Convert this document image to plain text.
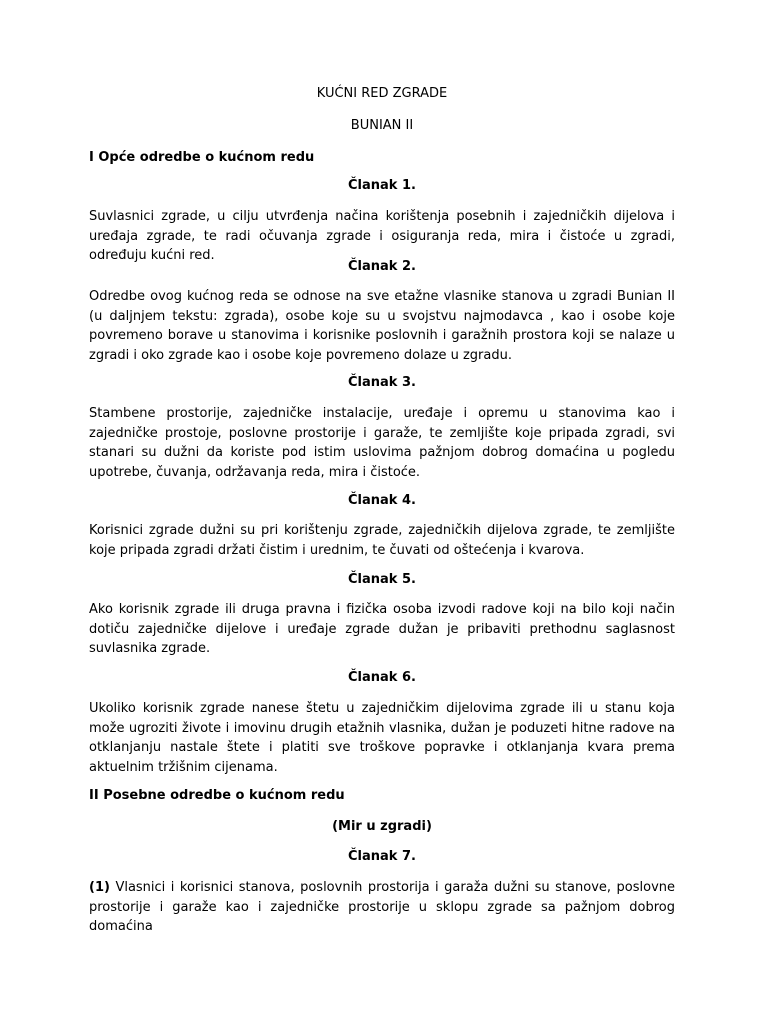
KUĆNI RED ZGRADE
BUNIAN II
I Opće odredbe o kućnom redu
Članak 1.
Suvlasnici zgrade, u cilju utvrđenja načina korištenja posebnih i zajedničkih dijelova i uređaja zgrade, te radi očuvanja zgrade i osiguranja reda, mira i čistoće u zgradi, određuju kućni red.
Članak 2.
Odredbe ovog kućnog reda se odnose na sve etažne vlasnike stanova u zgradi Bunian II (u daljnjem tekstu: zgrada), osobe koje su u svojstvu najmodavca , kao i osobe koje povremeno borave u stanovima i korisnike poslovnih i garažnih prostora koji se nalaze u zgradi i oko zgrade kao i osobe koje povremeno dolaze u zgradu.
Članak 3.
Stambene prostorije, zajedničke instalacije, uređaje i opremu u stanovima kao i zajedničke prostoje, poslovne prostorije i garaže, te zemljište koje pripada zgradi, svi stanari su dužni da koriste pod istim uslovima pažnjom dobrog domaćina u pogledu upotrebe, čuvanja, održavanja reda, mira i čistoće.
Članak 4.
Korisnici zgrade dužni su pri korištenju zgrade, zajedničkih dijelova zgrade, te zemljište koje pripada zgradi držati čistim i urednim, te čuvati od oštećenja i kvarova.
Članak 5.
Ako korisnik zgrade ili druga pravna i fizička osoba izvodi radove koji na bilo koji način dotiču zajedničke dijelove i uređaje zgrade dužan je pribaviti prethodnu saglasnost suvlasnika zgrade.
Članak 6.
Ukoliko korisnik zgrade nanese štetu u zajedničkim dijelovima zgrade ili u stanu koja može ugroziti živote i imovinu drugih etažnih vlasnika, dužan je poduzeti hitne radove na otklanjanju nastale štete i platiti sve troškove popravke i otklanjanja kvara prema aktuelnim tržišnim cijenama.
II Posebne odredbe o kućnom redu
(Mir u zgradi)
Članak 7.
(1) Vlasnici i korisnici stanova, poslovnih prostorija i garaža dužni su stanove, poslovne prostorije i garaže kao i zajedničke prostorije u sklopu zgrade sa pažnjom dobrog domaćina
